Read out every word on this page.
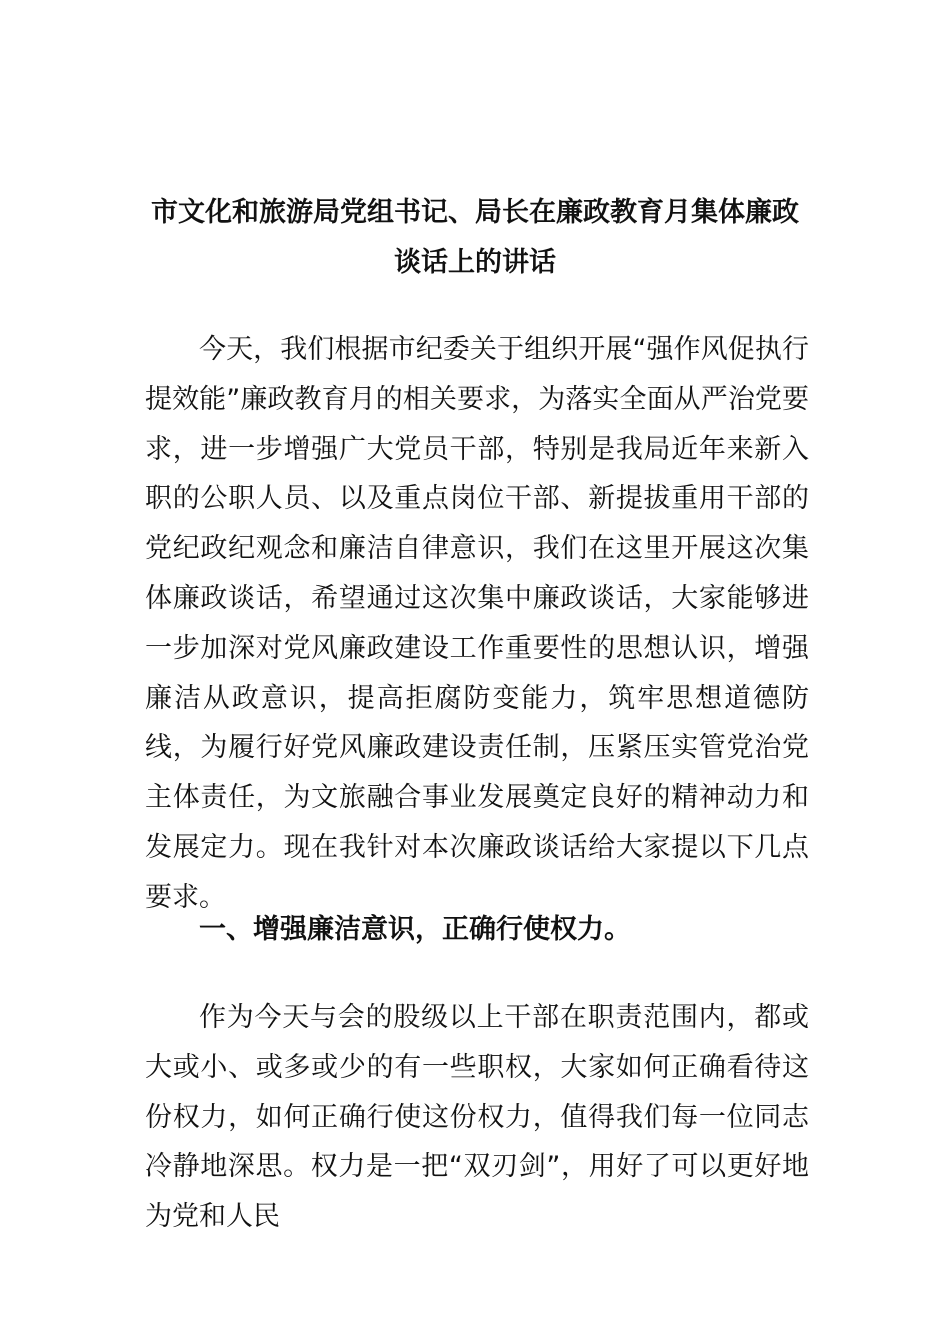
市文化和旅游局党组书记、局长在廉政教育月集体廉政谈话上的讲话

今天，我们根据市纪委关于组织开展“强作风促执行提效能”廉政教育月的相关要求，为落实全面从严治党要求，进一步增强广大党员干部，特别是我局近年来新入职的公职人员、以及重点岗位干部、新提拔重用干部的党纪政纪观念和廉洁自律意识，我们在这里开展这次集体廉政谈话，希望通过这次集中廉政谈话，大家能够进一步加深对党风廉政建设工作重要性的思想认识，增强廉洁从政意识，提高拒腐防变能力，筑牢思想道德防线，为履行好党风廉政建设责任制，压紧压实管党治党主体责任，为文旅融合事业发展奠定良好的精神动力和发展定力。现在我针对本次廉政谈话给大家提以下几点要求。

一、增强廉洁意识，正确行使权力。

作为今天与会的股级以上干部在职责范围内，都或大或小、或多或少的有一些职权，大家如何正确看待这份权力，如何正确行使这份权力，值得我们每一位同志冷静地深思。权力是一把“双刃剑”，用好了可以更好地为党和人民
